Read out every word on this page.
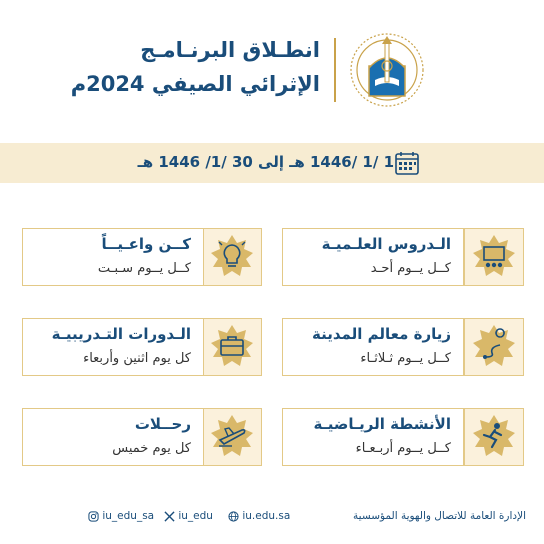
انطـلاق البرنـامـج
الإثرائي الصيفي 2024م
1 /1 /1446 هـ إلى 30 /1/ 1446 هـ
الـدروس العلـميـة
كــل يــوم أحـد
زيارة معالم المدينة
كــل يــوم ثـلاثـاء
الأنشطة الريـاضيـة
كــل يــوم أربـعـاء
كــن واعـيــاً
كــل يــوم سـبـت
الـدورات التـدريبيـة
كل يوم اثنين وأربعاء
رحــلات
كل يوم خميس
الإدارة العامة للاتصال والهوية المؤسسية
iu.edu.sa
iu_edu
iu_edu_sa
